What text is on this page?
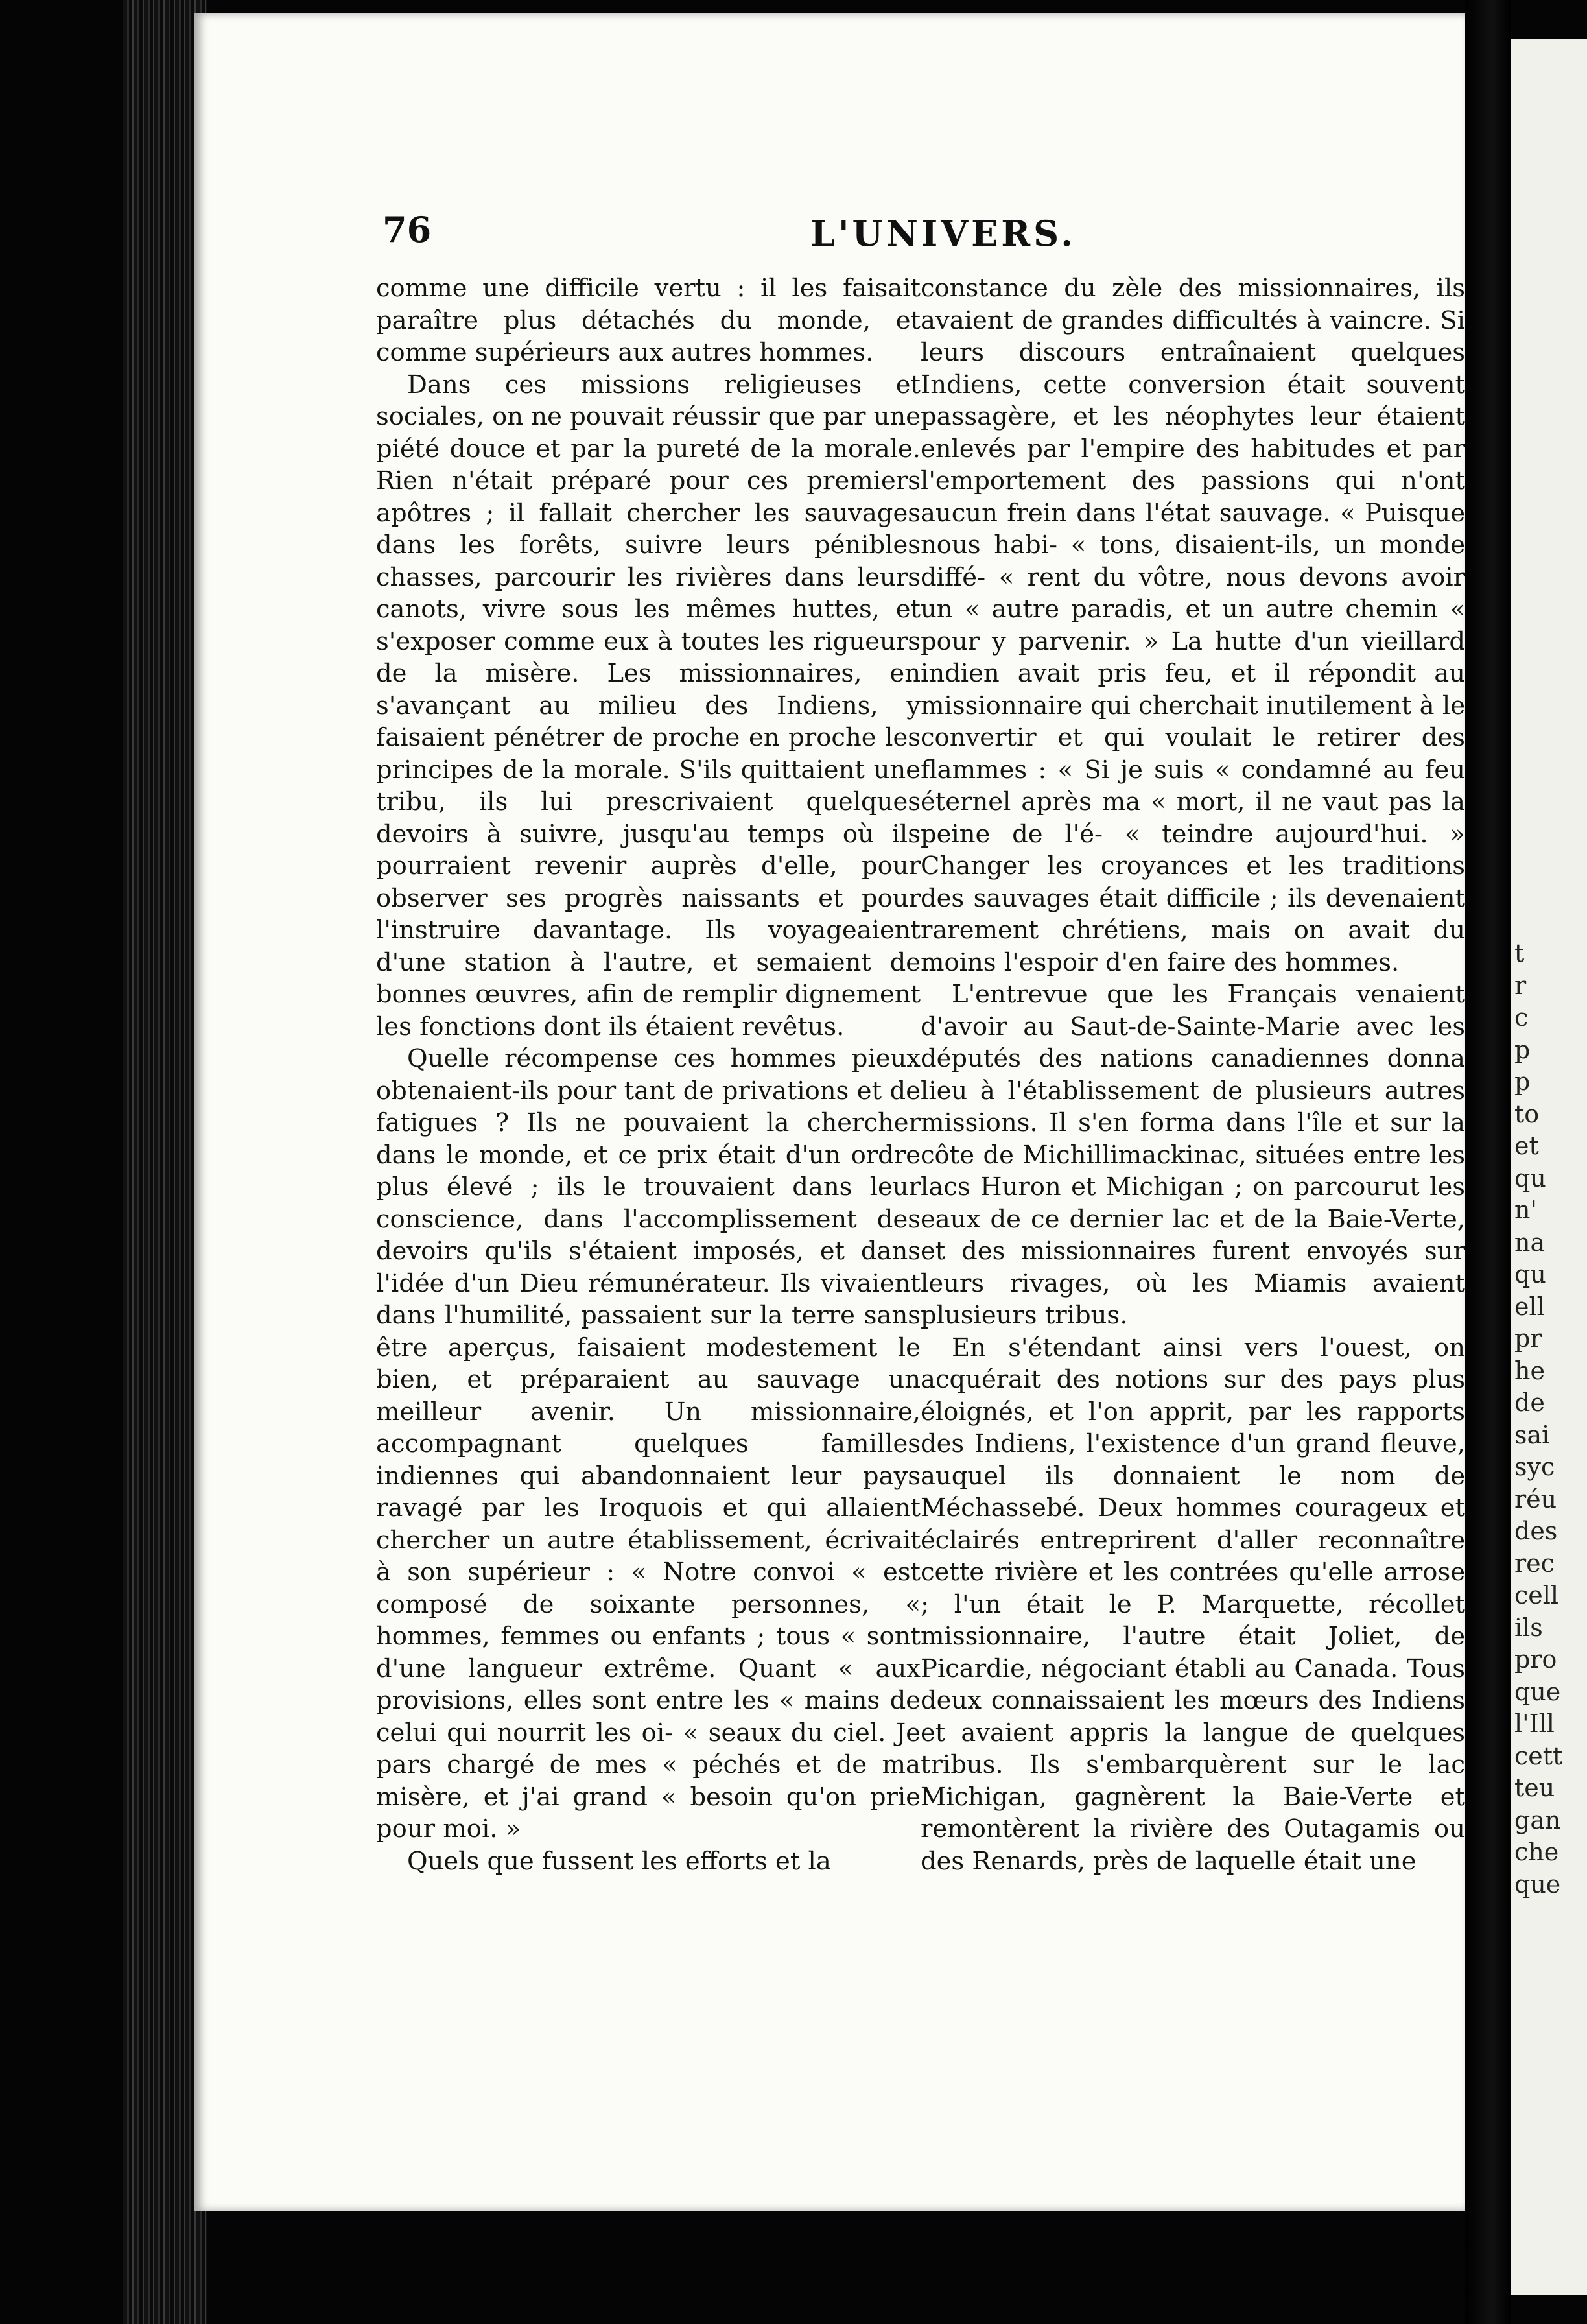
76	L'UNIVERS.

comme une difficile vertu : il les faisait paraître plus détachés du monde, et comme supérieurs aux autres hommes.

Dans ces missions religieuses et sociales, on ne pouvait réussir que par une piété douce et par la pureté de la morale. Rien n'était préparé pour ces premiers apôtres ; il fallait chercher les sauvages dans les forêts, suivre leurs pénibles chasses, parcourir les rivières dans leurs canots, vivre sous les mêmes huttes, et s'exposer comme eux à toutes les rigueurs de la misère. Les missionnaires, en s'avançant au milieu des Indiens, y faisaient pénétrer de proche en proche les principes de la morale. S'ils quittaient une tribu, ils lui prescrivaient quelques devoirs à suivre, jusqu'au temps où ils pourraient revenir auprès d'elle, pour observer ses progrès naissants et pour l'instruire davantage. Ils voyageaient d'une station à l'autre, et semaient de bonnes œuvres, afin de remplir dignement les fonctions dont ils étaient revêtus.

Quelle récompense ces hommes pieux obtenaient-ils pour tant de privations et de fatigues ? Ils ne pouvaient la chercher dans le monde, et ce prix était d'un ordre plus élevé ; ils le trouvaient dans leur conscience, dans l'accomplissement des devoirs qu'ils s'étaient imposés, et dans l'idée d'un Dieu rémunérateur. Ils vivaient dans l'humilité, passaient sur la terre sans être aperçus, faisaient modestement le bien, et préparaient au sauvage un meilleur avenir. Un missionnaire, accompagnant quelques familles indiennes qui abandonnaient leur pays ravagé par les Iroquois et qui allaient chercher un autre établissement, écrivait à son supérieur : « Notre convoi « est composé de soixante personnes, « hommes, femmes ou enfants ; tous « sont d'une langueur extrême. Quant « aux provisions, elles sont entre les « mains de celui qui nourrit les oi- « seaux du ciel. Je pars chargé de mes « péchés et de ma misère, et j'ai grand « besoin qu'on prie pour moi. »

Quels que fussent les efforts et la

constance du zèle des missionnaires, ils avaient de grandes difficultés à vaincre. Si leurs discours entraînaient quelques Indiens, cette conversion était souvent passagère, et les néophytes leur étaient enlevés par l'empire des habitudes et par l'emportement des passions qui n'ont aucun frein dans l'état sauvage. « Puisque nous habi- « tons, disaient-ils, un monde diffé- « rent du vôtre, nous devons avoir un « autre paradis, et un autre chemin « pour y parvenir. » La hutte d'un vieillard indien avait pris feu, et il répondit au missionnaire qui cherchait inutilement à le convertir et qui voulait le retirer des flammes : « Si je suis « condamné au feu éternel après ma « mort, il ne vaut pas la peine de l'é- « teindre aujourd'hui. » Changer les croyances et les traditions des sauvages était difficile ; ils devenaient rarement chrétiens, mais on avait du moins l'espoir d'en faire des hommes.

L'entrevue que les Français venaient d'avoir au Saut-de-Sainte-Marie avec les députés des nations canadiennes donna lieu à l'établissement de plusieurs autres missions. Il s'en forma dans l'île et sur la côte de Michillimackinac, situées entre les lacs Huron et Michigan ; on parcourut les eaux de ce dernier lac et de la Baie-Verte, et des missionnaires furent envoyés sur leurs rivages, où les Miamis avaient plusieurs tribus.

En s'étendant ainsi vers l'ouest, on acquérait des notions sur des pays plus éloignés, et l'on apprit, par les rapports des Indiens, l'existence d'un grand fleuve, auquel ils donnaient le nom de Méchassebé. Deux hommes courageux et éclairés entreprirent d'aller reconnaître cette rivière et les contrées qu'elle arrose ; l'un était le P. Marquette, récollet missionnaire, l'autre était Joliet, de Picardie, négociant établi au Canada. Tous deux connaissaient les mœurs des Indiens et avaient appris la langue de quelques tribus. Ils s'embarquèrent sur le lac Michigan, gagnèrent la Baie-Verte et remontèrent la rivière des Outagamis ou des Renards, près de laquelle était une

t
r
c
p
p
to
et
qu
n'
na
qu
ell
pr
he
de
sai
syc
réu
des
rec
cell
ils
pro
que
l'Ill
cett
teu
gan
che
que
